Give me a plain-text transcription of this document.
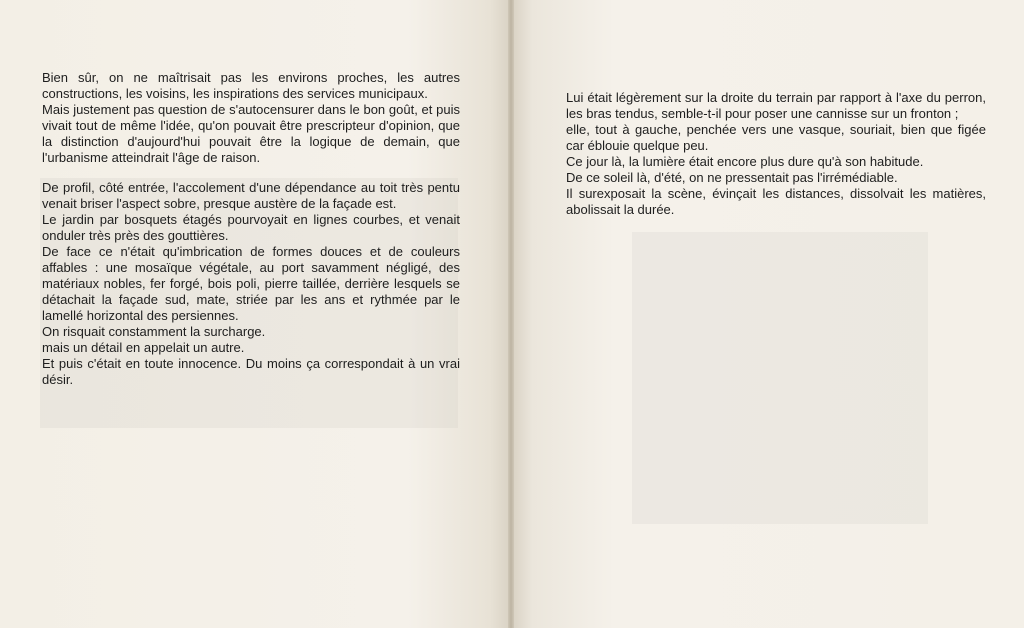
Bien sûr, on ne maîtrisait pas les environs proches, les autres constructions, les voisins, les inspirations des services municipaux.

Mais justement pas question de s'autocensurer dans le bon goût, et puis vivait tout de même l'idée, qu'on pouvait être prescripteur d'opinion, que la distinction d'aujourd'hui pouvait être la logique de demain, que l'urbanisme atteindrait l'âge de raison.

De profil, côté entrée, l'accolement d'une dépendance au toit très pentu venait briser l'aspect sobre, presque austère de la façade est.

Le jardin par bosquets étagés pourvoyait en lignes courbes, et venait onduler très près des gouttières.

De face ce n'était qu'imbrication de formes douces et de couleurs affables : une mosaïque végétale, au port savamment négligé, des matériaux nobles, fer forgé, bois poli, pierre taillée, derrière lesquels se détachait la façade sud, mate, striée par les ans et rythmée par le lamellé horizontal des persiennes.

On risquait constamment la surcharge.

mais un détail en appelait un autre.

Et puis c'était en toute innocence. Du moins ça correspondait à un vrai désir.

Lui était légèrement sur la droite du terrain par rapport à l'axe du perron, les bras tendus, semble-t-il pour poser une cannisse sur un fronton ;

elle, tout à gauche, penchée vers une vasque, souriait, bien que figée car éblouie quelque peu.

Ce jour là, la lumière était encore plus dure qu'à son habitude.

De ce soleil là, d'été, on ne pressentait pas l'irrémédiable.

Il surexposait la scène, évinçait les distances, dissolvait les matières, abolissait la durée.
